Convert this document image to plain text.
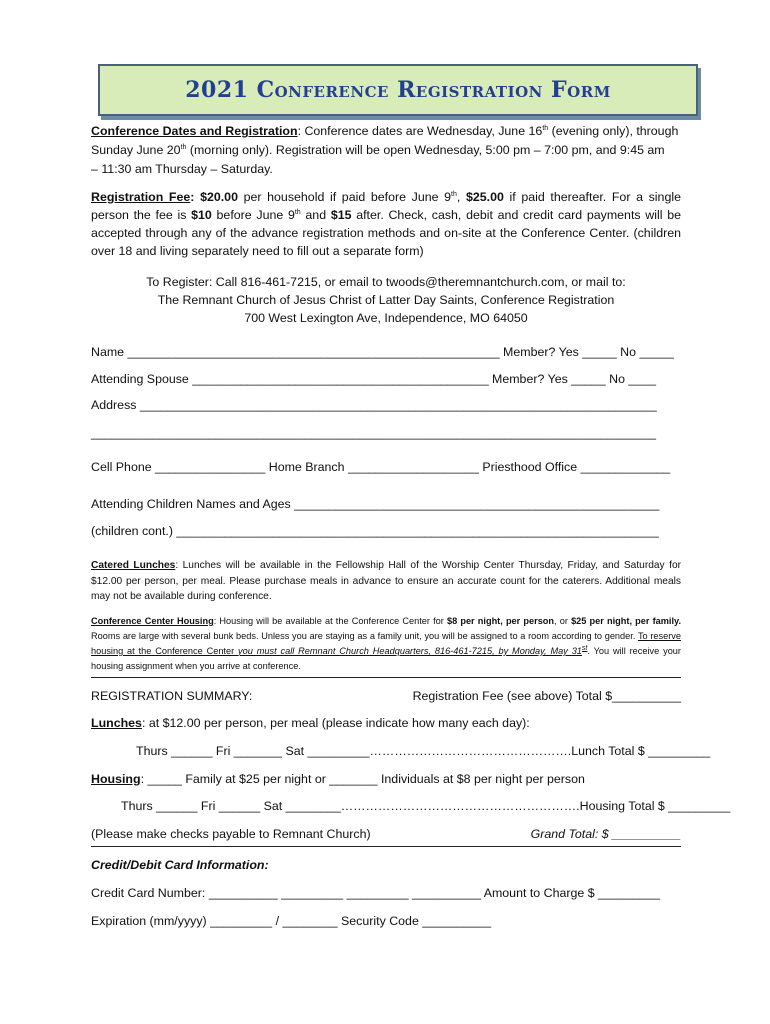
2021 Conference Registration Form
Conference Dates and Registration: Conference dates are Wednesday, June 16th (evening only), through
Sunday June 20th (morning only). Registration will be open Wednesday, 5:00 pm – 7:00 pm, and 9:45 am
– 11:30 am Thursday – Saturday.
Registration Fee: $20.00 per household if paid before June 9th, $25.00 if paid thereafter. For a single person the fee is $10 before June 9th and $15 after. Check, cash, debit and credit card payments will be accepted through any of the advance registration methods and on-site at the Conference Center. (children over 18 and living separately need to fill out a separate form)
To Register: Call 816-461-7215, or email to twoods@theremnantchurch.com, or mail to:
The Remnant Church of Jesus Christ of Latter Day Saints, Conference Registration
700 West Lexington Ave, Independence, MO 64050
Name ______________________________________________________ Member? Yes _____ No _____
Attending Spouse ___________________________________________ Member? Yes _____ No ____
Address ___________________________________________________________________________
__________________________________________________________________________________
Cell Phone ________________ Home Branch ___________________ Priesthood Office _____________
Attending Children Names and Ages _____________________________________________________
(children cont.) ______________________________________________________________________
Catered Lunches: Lunches will be available in the Fellowship Hall of the Worship Center Thursday, Friday, and Saturday for $12.00 per person, per meal. Please purchase meals in advance to ensure an accurate count for the caterers. Additional meals may not be available during conference.
Conference Center Housing: Housing will be available at the Conference Center for $8 per night, per person, or $25 per night, per family. Rooms are large with several bunk beds. Unless you are staying as a family unit, you will be assigned to a room according to gender. To reserve housing at the Conference Center you must call Remnant Church Headquarters, 816-461-7215, by Monday, May 31st. You will receive your housing assignment when you arrive at conference.
REGISTRATION SUMMARY:	Registration Fee (see above) Total $__________
Lunches: at $12.00 per person, per meal (please indicate how many each day):
Thurs ______ Fri _______ Sat _________………………………………………….Lunch Total $ _________
Housing: _____ Family at $25 per night or _______ Individuals at $8 per night per person
Thurs ______ Fri ______ Sat ________………………………………………………….Housing Total $ _________
(Please make checks payable to Remnant Church)	Grand Total: $ __________
Credit/Debit Card Information:
Credit Card Number: __________ _________ _________ __________ Amount to Charge $ _________
Expiration (mm/yyyy) _________ / ________ Security Code __________
